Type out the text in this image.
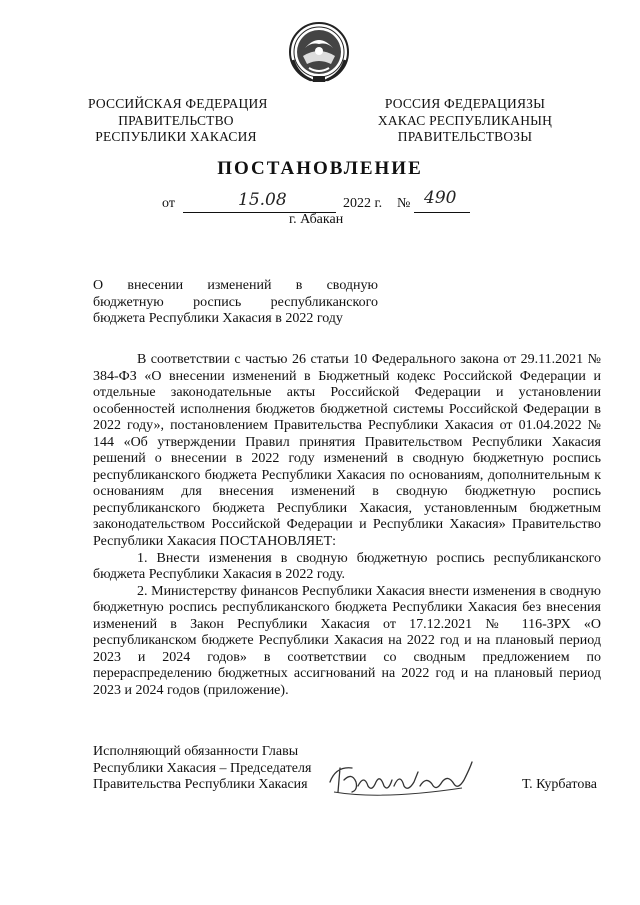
РОССИЙСКАЯ ФЕДЕРАЦИЯ
ПРАВИТЕЛЬСТВО
РЕСПУБЛИКИ ХАКАСИЯ
РОССИЯ ФЕДЕРАЦИЯЗЫ
ХАКАС РЕСПУБЛИКАНЫҢ
ПРАВИТЕЛЬСТВОЗЫ
ПОСТАНОВЛЕНИЕ
от	15.08	2022 г. № 490
г. Абакан
О внесении изменений в сводную
бюджетную роспись республиканского
бюджета Республики Хакасия в 2022 году

В соответствии с частью 26 статьи 10 Федерального закона от 29.11.2021 № 384-ФЗ «О внесении изменений в Бюджетный кодекс Российской Федерации и отдельные законодательные акты Российской Федерации и установлении особенностей исполнения бюджетов бюджетной системы Российской Федерации в 2022 году», постановлением Правительства Республики Хакасия от 01.04.2022 № 144 «Об утверждении Правил принятия Правительством Республики Хакасия решений о внесении в 2022 году изменений в сводную бюджетную роспись республиканского бюджета Республики Хакасия по основаниям, дополнительным к основаниям для внесения изменений в сводную бюджетную роспись республиканского бюджета Республики Хакасия, установленным бюджетным законодательством Российской Федерации и Республики Хакасия» Правительство Республики Хакасия ПОСТАНОВЛЯЕТ:

1. Внести изменения в сводную бюджетную роспись республиканского бюджета Республики Хакасия в 2022 году.

2. Министерству финансов Республики Хакасия внести изменения в сводную бюджетную роспись республиканского бюджета Республики Хакасия без внесения изменений в Закон Республики Хакасия от 17.12.2021 № 116-ЗРХ «О республиканском бюджете Республики Хакасия на 2022 год и на плановый период 2023 и 2024 годов» в соответствии со сводным предложением по перераспределению бюджетных ассигнований на 2022 год и на плановый период 2023 и 2024 годов (приложение).

Исполняющий обязанности Главы
Республики Хакасия – Председателя
Правительства Республики Хакасия	Т. Курбатова
